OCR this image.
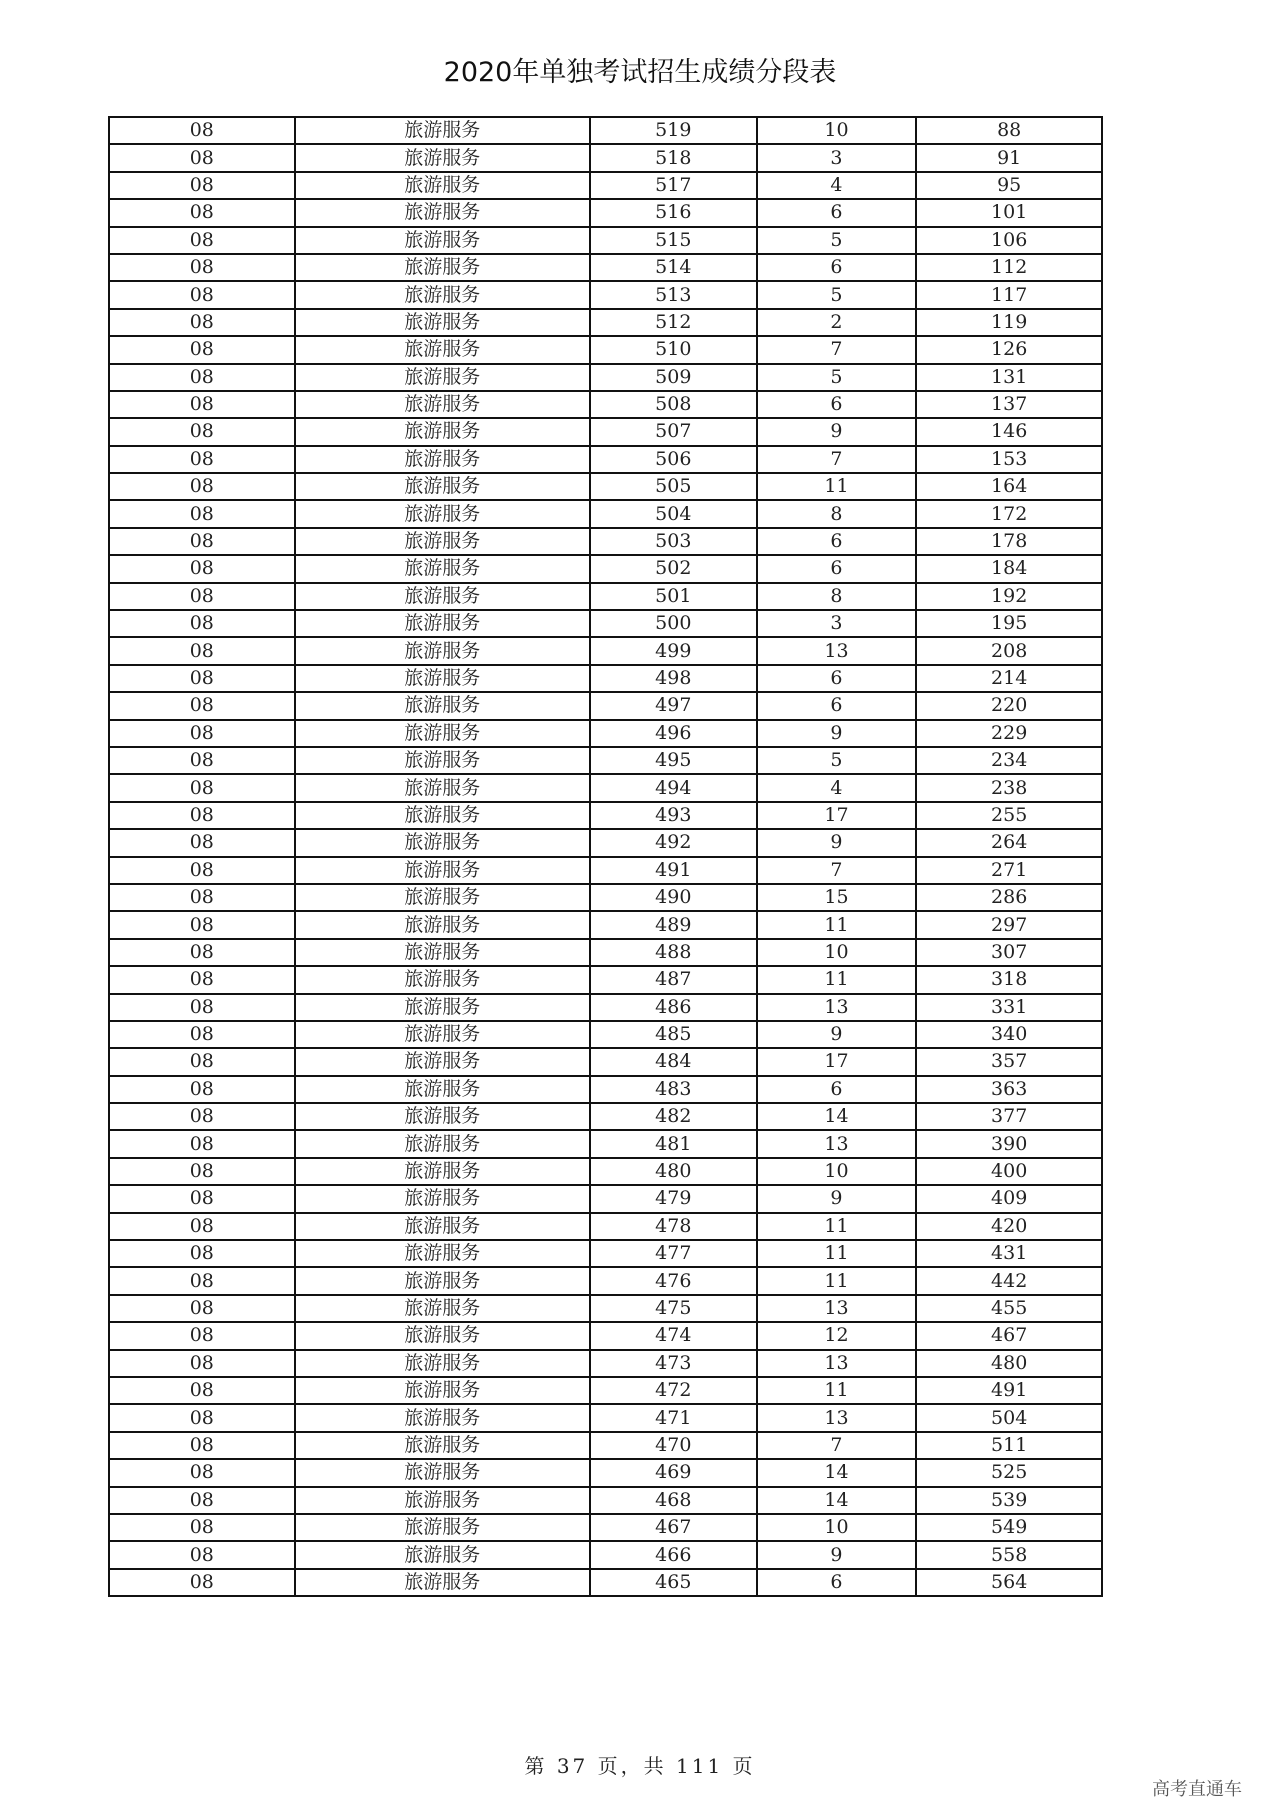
2020年单独考试招生成绩分段表
08	旅游服务	519	10	88
08	旅游服务	518	3	91
08	旅游服务	517	4	95
08	旅游服务	516	6	101
08	旅游服务	515	5	106
08	旅游服务	514	6	112
08	旅游服务	513	5	117
08	旅游服务	512	2	119
08	旅游服务	510	7	126
08	旅游服务	509	5	131
08	旅游服务	508	6	137
08	旅游服务	507	9	146
08	旅游服务	506	7	153
08	旅游服务	505	11	164
08	旅游服务	504	8	172
08	旅游服务	503	6	178
08	旅游服务	502	6	184
08	旅游服务	501	8	192
08	旅游服务	500	3	195
08	旅游服务	499	13	208
08	旅游服务	498	6	214
08	旅游服务	497	6	220
08	旅游服务	496	9	229
08	旅游服务	495	5	234
08	旅游服务	494	4	238
08	旅游服务	493	17	255
08	旅游服务	492	9	264
08	旅游服务	491	7	271
08	旅游服务	490	15	286
08	旅游服务	489	11	297
08	旅游服务	488	10	307
08	旅游服务	487	11	318
08	旅游服务	486	13	331
08	旅游服务	485	9	340
08	旅游服务	484	17	357
08	旅游服务	483	6	363
08	旅游服务	482	14	377
08	旅游服务	481	13	390
08	旅游服务	480	10	400
08	旅游服务	479	9	409
08	旅游服务	478	11	420
08	旅游服务	477	11	431
08	旅游服务	476	11	442
08	旅游服务	475	13	455
08	旅游服务	474	12	467
08	旅游服务	473	13	480
08	旅游服务	472	11	491
08	旅游服务	471	13	504
08	旅游服务	470	7	511
08	旅游服务	469	14	525
08	旅游服务	468	14	539
08	旅游服务	467	10	549
08	旅游服务	466	9	558
08	旅游服务	465	6	564
第 37 页，共 111 页
高考直通车
